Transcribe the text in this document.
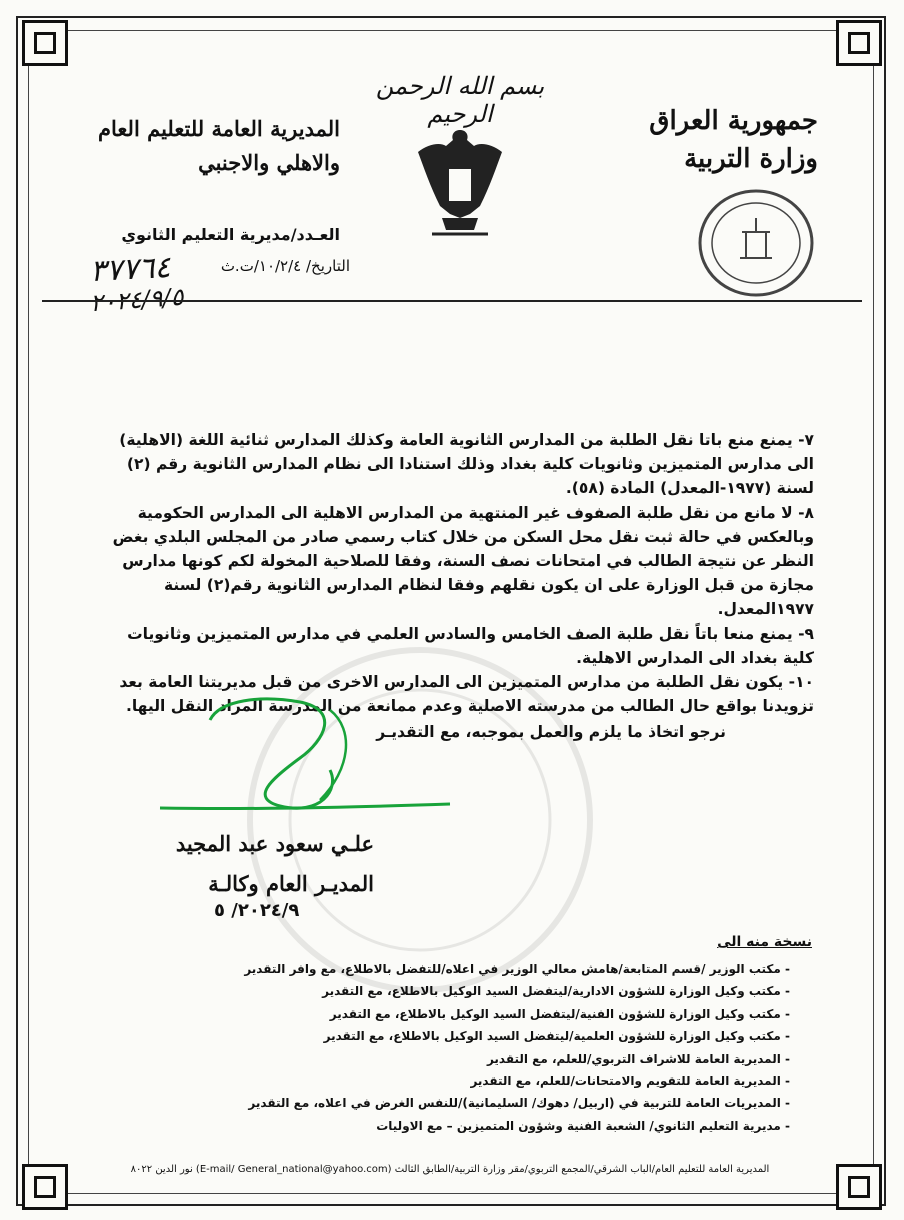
بسم الله الرحمن الرحيم	جمهورية العراق
وزارة التربية
المديرية العامة للتعليم العام
والاهلي والاجنبي
العـدد/مديرية التعليم الثانوي
التاريخ/ ١٠/٢/٤/ت.ث
٣٧٧٦٤
٢٠٢٤/٩/٥

٧- يمنع منع باتا نقل الطلبة من المدارس الثانوية العامة وكذلك المدارس ثنائية اللغة (الاهلية) الى مدارس المتميزين وثانويات كلية بغداد وذلك استنادا الى نظام المدارس الثانوية رقم (٢) لسنة (١٩٧٧-المعدل) المادة (٥٨).

٨- لا مانع من نقل طلبة الصفوف غير المنتهية من المدارس الاهلية الى المدارس الحكومية وبالعكس في حالة ثبت نقل محل السكن من خلال كتاب رسمي صادر من المجلس البلدي بغض النظر عن نتيجة الطالب في امتحانات نصف السنة، وفقا للصلاحية المخولة لكم كونها مدارس مجازة من قبل الوزارة على ان يكون نقلهم وفقا لنظام المدارس الثانوية رقم(٢) لسنة ١٩٧٧المعدل.

٩- يمنع منعا باتاً نقل طلبة الصف الخامس والسادس العلمي في مدارس المتميزين وثانويات كلية بغداد الى المدارس الاهلية.

١٠- يكون نقل الطلبة من مدارس المتميزين الى المدارس الاخرى من قبل مديريتنا العامة بعد تزويدنا بواقع حال الطالب من مدرسته الاصلية وعدم ممانعة من المدرسة المراد النقل اليها.

نرجو اتخاذ ما يلزم والعمل بموجبه، مع التقديـر

علـي سعود عبد المجيد
المديـر العام وكالـة
٢٠٢٤/٩/ ٥
نسخة منه الى
- مكتب الوزير /قسم المتابعة/هامش معالي الوزير في اعلاه/للتفضل بالاطلاع، مع وافر التقدير
- مكتب وكيل الوزارة للشؤون الادارية/ليتفضل السيد الوكيل بالاطلاع، مع التقدير
- مكتب وكيل الوزارة للشؤون الفنية/ليتفضل السيد الوكيل بالاطلاع، مع التقدير
- مكتب وكيل الوزارة للشؤون العلمية/ليتفضل السيد الوكيل بالاطلاع، مع التقدير
- المديرية العامة للاشراف التربوي/للعلم، مع التقدير
- المديرية العامة للتقويم والامتحانات/للعلم، مع التقدير
- المديريات العامة للتربية في (اربيل/ دهوك/ السليمانية)/للنفس الغرض في اعلاه، مع التقدير
- مديرية التعليم الثانوي/ الشعبة الفنية وشؤون المتميزين – مع الاوليات
المديرية العامة للتعليم العام/الباب الشرقي/المجمع التربوي/مقر وزارة التربية/الطابق الثالث (E-mail/ General_national@yahoo.com) نور الدين ٨٠٢٢
